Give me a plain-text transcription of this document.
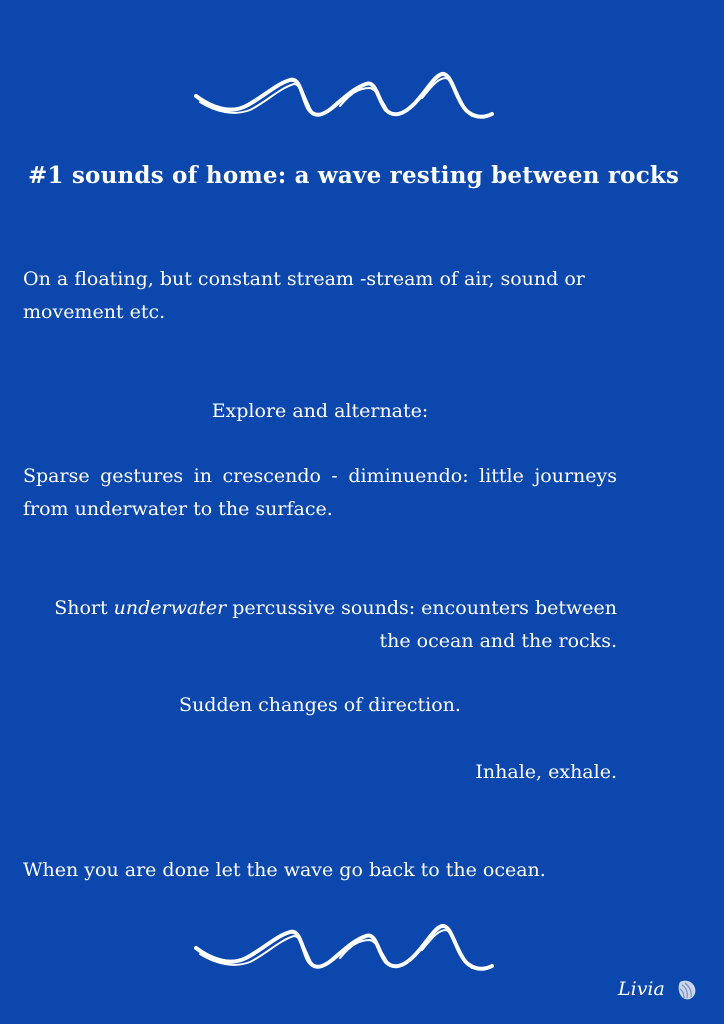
#1 sounds of home: a wave resting between rocks

On a floating, but constant stream -stream of air, sound or movement etc.

Explore and alternate:

Sparse gestures in crescendo - diminuendo: little journeys from underwater to the surface.

Short underwater percussive sounds: encounters between the ocean and the rocks.

Sudden changes of direction.

Inhale, exhale.

When you are done let the wave go back to the ocean.

Livia
